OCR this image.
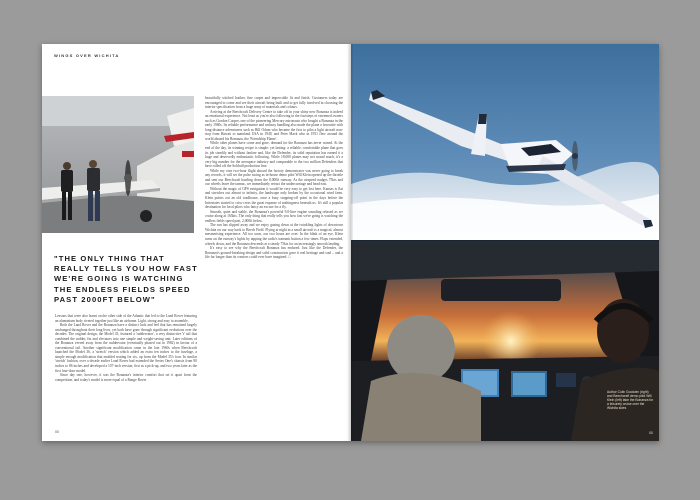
WINGS OVER WICHITA
"THE ONLY THING THAT REALLY TELLS YOU HOW FAST WE'RE GOING IS WATCHING THE ENDLESS FIELDS SPEED PAST 2000FT BELOW"

Lessons that were also learnt on the other side of the Atlantic that led to the Land Rover featuring an aluminium body riveted together just like an airframe. Light, strong and easy to assemble.

Both the Land Rover and the Bonanza have a distinct look and feel that has remained largely unchanged throughout their long lives, yet both have gone through significant evolutions over the decades. The original design, the Model 35, featured a 'ruddervator', a very distinctive V tail that combined the rudder, fin and elevators into one simple and weight-saving unit. Later editions of the Bonanza veered away from the ruddervator (eventually phased out in 1982) in favour of a conventional tail. Another significant modification came in the late 1960s when Beechcraft launched the Model 36, a 'stretch' version which added an extra ten inches to the fuselage, a simple enough modification that enabled seating for six, up from the Model 35's four. In similar 'stretch' fashion, over a decade earlier Land Rover had extended the Series One's chassis from 80 inches to 86 inches and developed a 107-inch version, first as a pick-up, and two years later as the first four-door model.

Since day one, however, it was the Bonanza's interior comfort that set it apart from the competition, and today's model is more equal of a Range Rover

beautifully stitched leather, fine carpet and impeccable fit and finish. Customers today are encouraged to come and see their aircraft being built and to get fully involved in choosing the interior specification from a huge array of materials and colours.

Arriving at the Beechcraft Delivery Centre to take off in your shiny new Bonanza is indeed an emotional experience. Not least as you're also following in the footsteps of esteemed owners such as Gordon Cooper, one of the pioneering Mercury astronauts who bought a Bonanza in the early 1960s. Its reliable performance and unfussy handling also made the plane a favourite with long-distance adventurers such as Bill Odom who became the first to pilot a light aircraft non-stop from Hawaii to mainland USA in 1949, and Peter Mack who in 1951 flew around the world aboard his Bonanza, the 'Friendship Flame'.

While other planes have come and gone, demand for the Bonanza has never waned. At the end of the day, its winning recipe is simple: yet lasting: a reliable, comfortable plane that goes its job steadily and without fanfare and, like the Defender, its solid reputation has earned it a huge and deservedly enthusiastic following. While 18,000 planes may not sound much, it's a very big number for the aerospace industry and comparable to the two million Defenders that have rolled off the Solihull production line.

While my own two-hour flight aboard the factory demonstrator was never going to break any records, it will set the pulse racing as in-house demo pilot Will Klein opened up the throttle and sent our Beechcraft hurtling down the 8,000ft runway. As the airspeed nudges 75kts and our wheels leave the tarmac, we immediately retract the undercarriage and head east.

Without the magic of GPS navigation it would be very easy to get lost here. Kansas is flat and stretches out almost to infinity, the landscape only broken by the occasional wind farm. Klein points out an old roadhouse, once a busy stopping-off point in the days before the Interstates started to criss-cross the great expanse of nothingness beneath us. It's still a popular destination for local pilots who fancy an excuse for a fly.

Smooth, quiet and stable, the Bonanza's powerful 9.0-litre engine sounding relaxed as we cruise along at 165kts. The only thing that really tells you how fast we're going is watching the endless fields speed past, 2,000ft below.

The sun has slipped away and we enjoy gazing down at the twinkling lights of downtown Wichita on our way back to Beech Field. Flying at night in a small aircraft is a magical, almost mesmerising experience. All too soon, our two hours are over. In the blink of an eye, Klein turns on the runway's lights by tapping the radio's transmit button a few times. Flaps extended, wheels down, and the Bonanza descends at a steady 75kts for an increasingly smooth landing.

It's easy to see why the Beechcraft Bonanza has endured. Just like the Defender, the Bonanza's ground-breaking design and solid construction gave it real heritage and soul – and a life far longer than its creators could ever have imagined. □

00
Author Colin Goodwin (right) and Beechcraft demo pilot Will Klein (left) take the Bonanza for a leisurely cruise over the Wichita skies
00
